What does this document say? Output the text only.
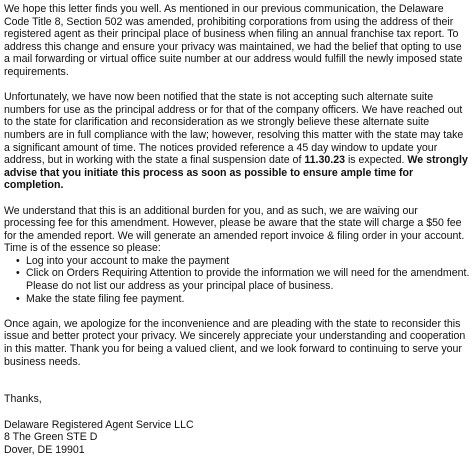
We hope this letter finds you well. As mentioned in our previous communication, the Delaware Code Title 8, Section 502 was amended, prohibiting corporations from using the address of their registered agent as their principal place of business when filing an annual franchise tax report. To address this change and ensure your privacy was maintained, we had the belief that opting to use a mail forwarding or virtual office suite number at our address would fulfill the newly imposed state requirements.

Unfortunately, we have now been notified that the state is not accepting such alternate suite numbers for use as the principal address or for that of the company officers. We have reached out to the state for clarification and reconsideration as we strongly believe these alternate suite numbers are in full compliance with the law; however, resolving this matter with the state may take a significant amount of time. The notices provided reference a 45 day window to update your address, but in working with the state a final suspension date of 11.30.23 is expected. We strongly advise that you initiate this process as soon as possible to ensure ample time for completion.

We understand that this is an additional burden for you, and as such, we are waiving our processing fee for this amendment. However, please be aware that the state will charge a $50 fee for the amended report. We will generate an amended report invoice & filing order in your account. Time is of the essence so please:

• Log into your account to make the payment
• Click on Orders Requiring Attention to provide the information we will need for the amendment. Please do not list our address as your principal place of business.
• Make the state filing fee payment.

Once again, we apologize for the inconvenience and are pleading with the state to reconsider this issue and better protect your privacy. We sincerely appreciate your understanding and cooperation in this matter. Thank you for being a valued client, and we look forward to continuing to serve your business needs.

Thanks,

Delaware Registered Agent Service LLC

8 The Green STE D

Dover, DE 19901
